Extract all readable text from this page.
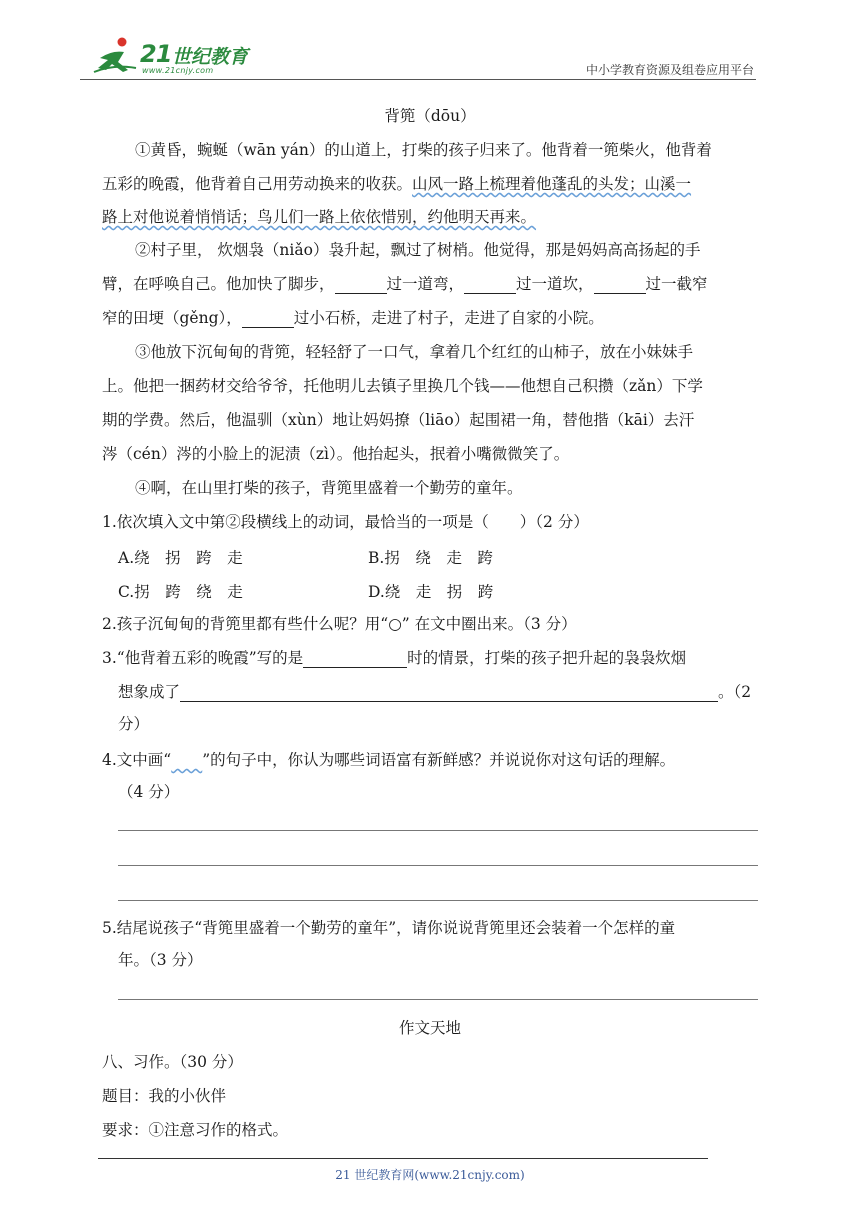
21 世纪教育
www.21cnjy.com	中小学教育资源及组卷应用平台
背篼（dōu）
①黄昏，蜿蜒（wān yán）的山道上，打柴的孩子归来了。他背着一篼柴火，他背着
五彩的晚霞，他背着自己用劳动换来的收获。山风一路上梳理着他蓬乱的头发；山溪一
路上对他说着悄悄话；鸟儿们一路上依依惜别，约他明天再来。
②村子里， 炊烟袅（niǎo）袅升起，飘过了树梢。他觉得，那是妈妈高高扬起的手
臂，在呼唤自己。他加快了脚步，	过一道弯，	过一道坎，	过一截窄
窄的田埂（gěng），	过小石桥，走进了村子，走进了自家的小院。
③他放下沉甸甸的背篼，轻轻舒了一口气，拿着几个红红的山柿子，放在小妹妹手
上。他把一捆药材交给爷爷，托他明儿去镇子里换几个钱——他想自己积攒（zǎn）下学
期的学费。然后，他温驯（xùn）地让妈妈撩（liāo）起围裙一角，替他揩（kāi）去汗
涔（cén）涔的小脸上的泥渍（zì）。他抬起头，抿着小嘴微微笑了。
④啊，在山里打柴的孩子，背篼里盛着一个勤劳的童年。
1.依次填入文中第②段横线上的动词，最恰当的一项是（　　）（2 分）
A.绕　拐　跨　走	B.拐　绕　走　跨
C.拐　跨　绕　走	D.绕　走　拐　跨
2.孩子沉甸甸的背篼里都有些什么呢？用“○” 在文中圈出来。（3 分）
3.“他背着五彩的晚霞”写的是	时的情景，打柴的孩子把升起的袅袅炊烟
想象成了	。（2
分）
4.文中画“　　 ”的句子中，你认为哪些词语富有新鲜感？并说说你对这句话的理解。
（4 分）
5.结尾说孩子“背篼里盛着一个勤劳的童年”，请你说说背篼里还会装着一个怎样的童
年。（3 分）
作文天地
八、习作。（30 分）
题目：我的小伙伴
要求：①注意习作的格式。
21 世纪教育网(www.21cnjy.com)
